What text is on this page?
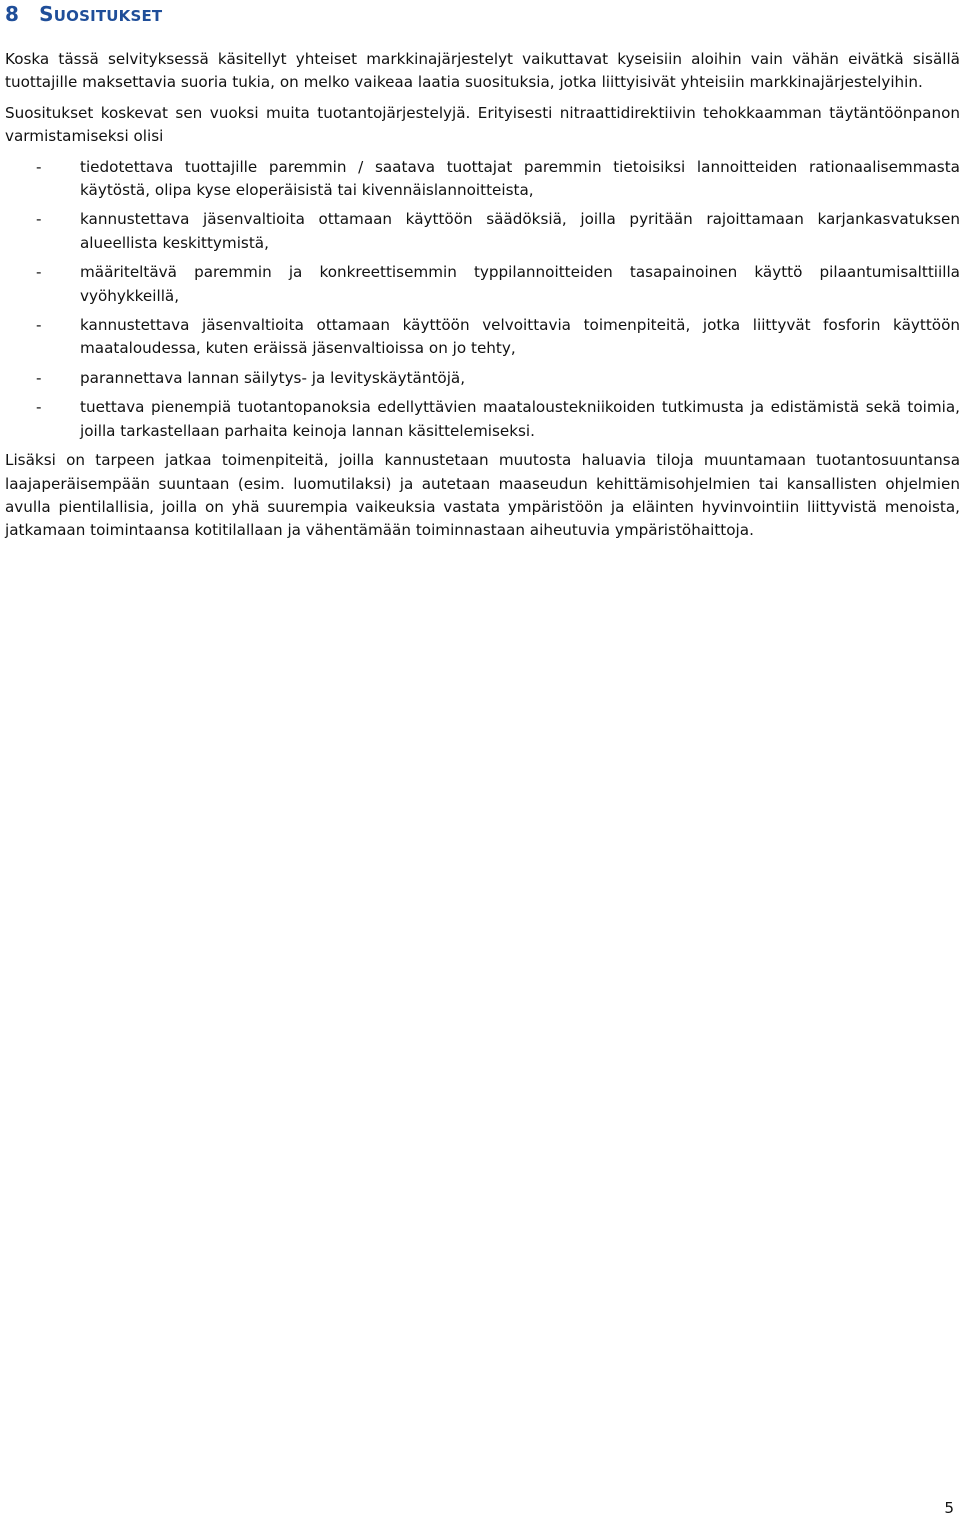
8 SUOSITUKSET

Koska tässä selvityksessä käsitellyt yhteiset markkinajärjestelyt vaikuttavat kyseisiin aloihin vain vähän eivätkä sisällä tuottajille maksettavia suoria tukia, on melko vaikeaa laatia suosituksia, jotka liittyisivät yhteisiin markkinajärjestelyihin.

Suositukset koskevat sen vuoksi muita tuotantojärjestelyjä. Erityisesti nitraattidirektiivin tehokkaamman täytäntöönpanon varmistamiseksi olisi

-	tiedotettava tuottajille paremmin / saatava tuottajat paremmin tietoisiksi lannoitteiden rationaalisemmasta käytöstä, olipa kyse eloperäisistä tai kivennäislannoitteista,
-	kannustettava jäsenvaltioita ottamaan käyttöön säädöksiä, joilla pyritään rajoittamaan karjankasvatuksen alueellista keskittymistä,
-	määriteltävä paremmin ja konkreettisemmin typpilannoitteiden tasapainoinen käyttö pilaantumisalttiilla vyöhykkeillä,
-	kannustettava jäsenvaltioita ottamaan käyttöön velvoittavia toimenpiteitä, jotka liittyvät fosforin käyttöön maataloudessa, kuten eräissä jäsenvaltioissa on jo tehty,
-	parannettava lannan säilytys- ja levityskäytäntöjä,
-	tuettava pienempiä tuotantopanoksia edellyttävien maataloustekniikoiden tutkimusta ja edistämistä sekä toimia, joilla tarkastellaan parhaita keinoja lannan käsittelemiseksi.

Lisäksi on tarpeen jatkaa toimenpiteitä, joilla kannustetaan muutosta haluavia tiloja muuntamaan tuotantosuuntansa laajaperäisempään suuntaan (esim. luomutilaksi) ja autetaan maaseudun kehittämisohjelmien tai kansallisten ohjelmien avulla pientilallisia, joilla on yhä suurempia vaikeuksia vastata ympäristöön ja eläinten hyvinvointiin liittyvistä menoista, jatkamaan toimintaansa kotitilallaan ja vähentämään toiminnastaan aiheutuvia ympäristöhaittoja.

5
